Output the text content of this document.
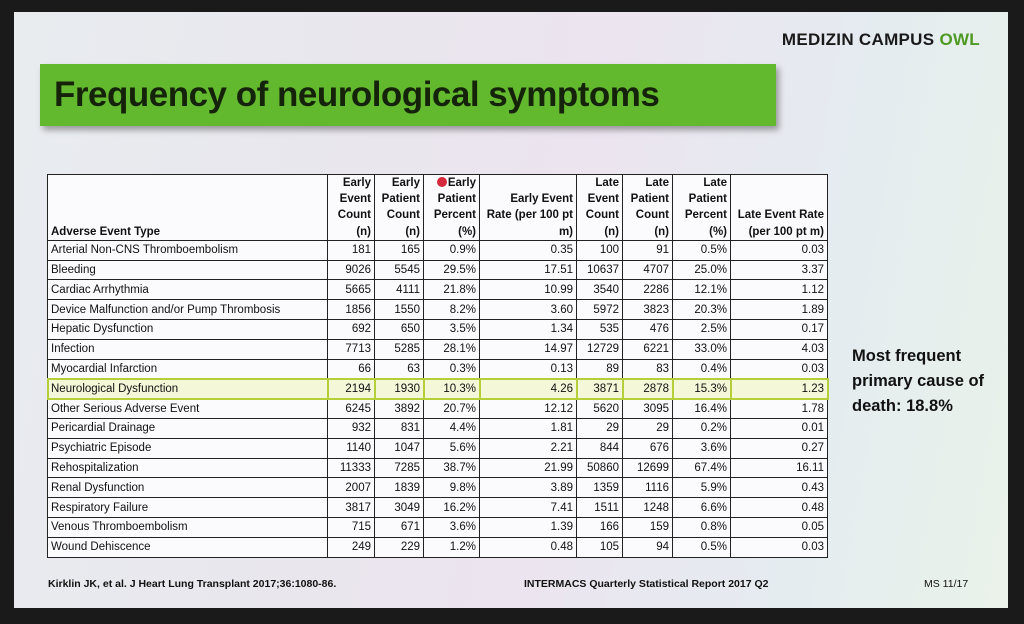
MEDIZIN CAMPUS OWL
Frequency of neurological symptoms
Adverse Event Type	Early Event Count (n)	Early Patient Count (n)	Early Patient Percent (%)	Early Event Rate (per 100 pt m)	Late Event Count (n)	Late Patient Count (n)	Late Patient Percent (%)	Late Event Rate (per 100 pt m)
Arterial Non-CNS Thromboembolism	181	165	0.9%	0.35	100	91	0.5%	0.03
Bleeding	9026	5545	29.5%	17.51	10637	4707	25.0%	3.37
Cardiac Arrhythmia	5665	4111	21.8%	10.99	3540	2286	12.1%	1.12
Device Malfunction and/or Pump Thrombosis	1856	1550	8.2%	3.60	5972	3823	20.3%	1.89
Hepatic Dysfunction	692	650	3.5%	1.34	535	476	2.5%	0.17
Infection	7713	5285	28.1%	14.97	12729	6221	33.0%	4.03
Myocardial Infarction	66	63	0.3%	0.13	89	83	0.4%	0.03
Neurological Dysfunction	2194	1930	10.3%	4.26	3871	2878	15.3%	1.23
Other Serious Adverse Event	6245	3892	20.7%	12.12	5620	3095	16.4%	1.78
Pericardial Drainage	932	831	4.4%	1.81	29	29	0.2%	0.01
Psychiatric Episode	1140	1047	5.6%	2.21	844	676	3.6%	0.27
Rehospitalization	11333	7285	38.7%	21.99	50860	12699	67.4%	16.11
Renal Dysfunction	2007	1839	9.8%	3.89	1359	1116	5.9%	0.43
Respiratory Failure	3817	3049	16.2%	7.41	1511	1248	6.6%	0.48
Venous Thromboembolism	715	671	3.6%	1.39	166	159	0.8%	0.05
Wound Dehiscence	249	229	1.2%	0.48	105	94	0.5%	0.03
Most frequent primary cause of death: 18.8%
Kirklin JK, et al. J Heart Lung Transplant 2017;36:1080-86.	INTERMACS Quarterly Statistical Report 2017 Q2	MS 11/17
